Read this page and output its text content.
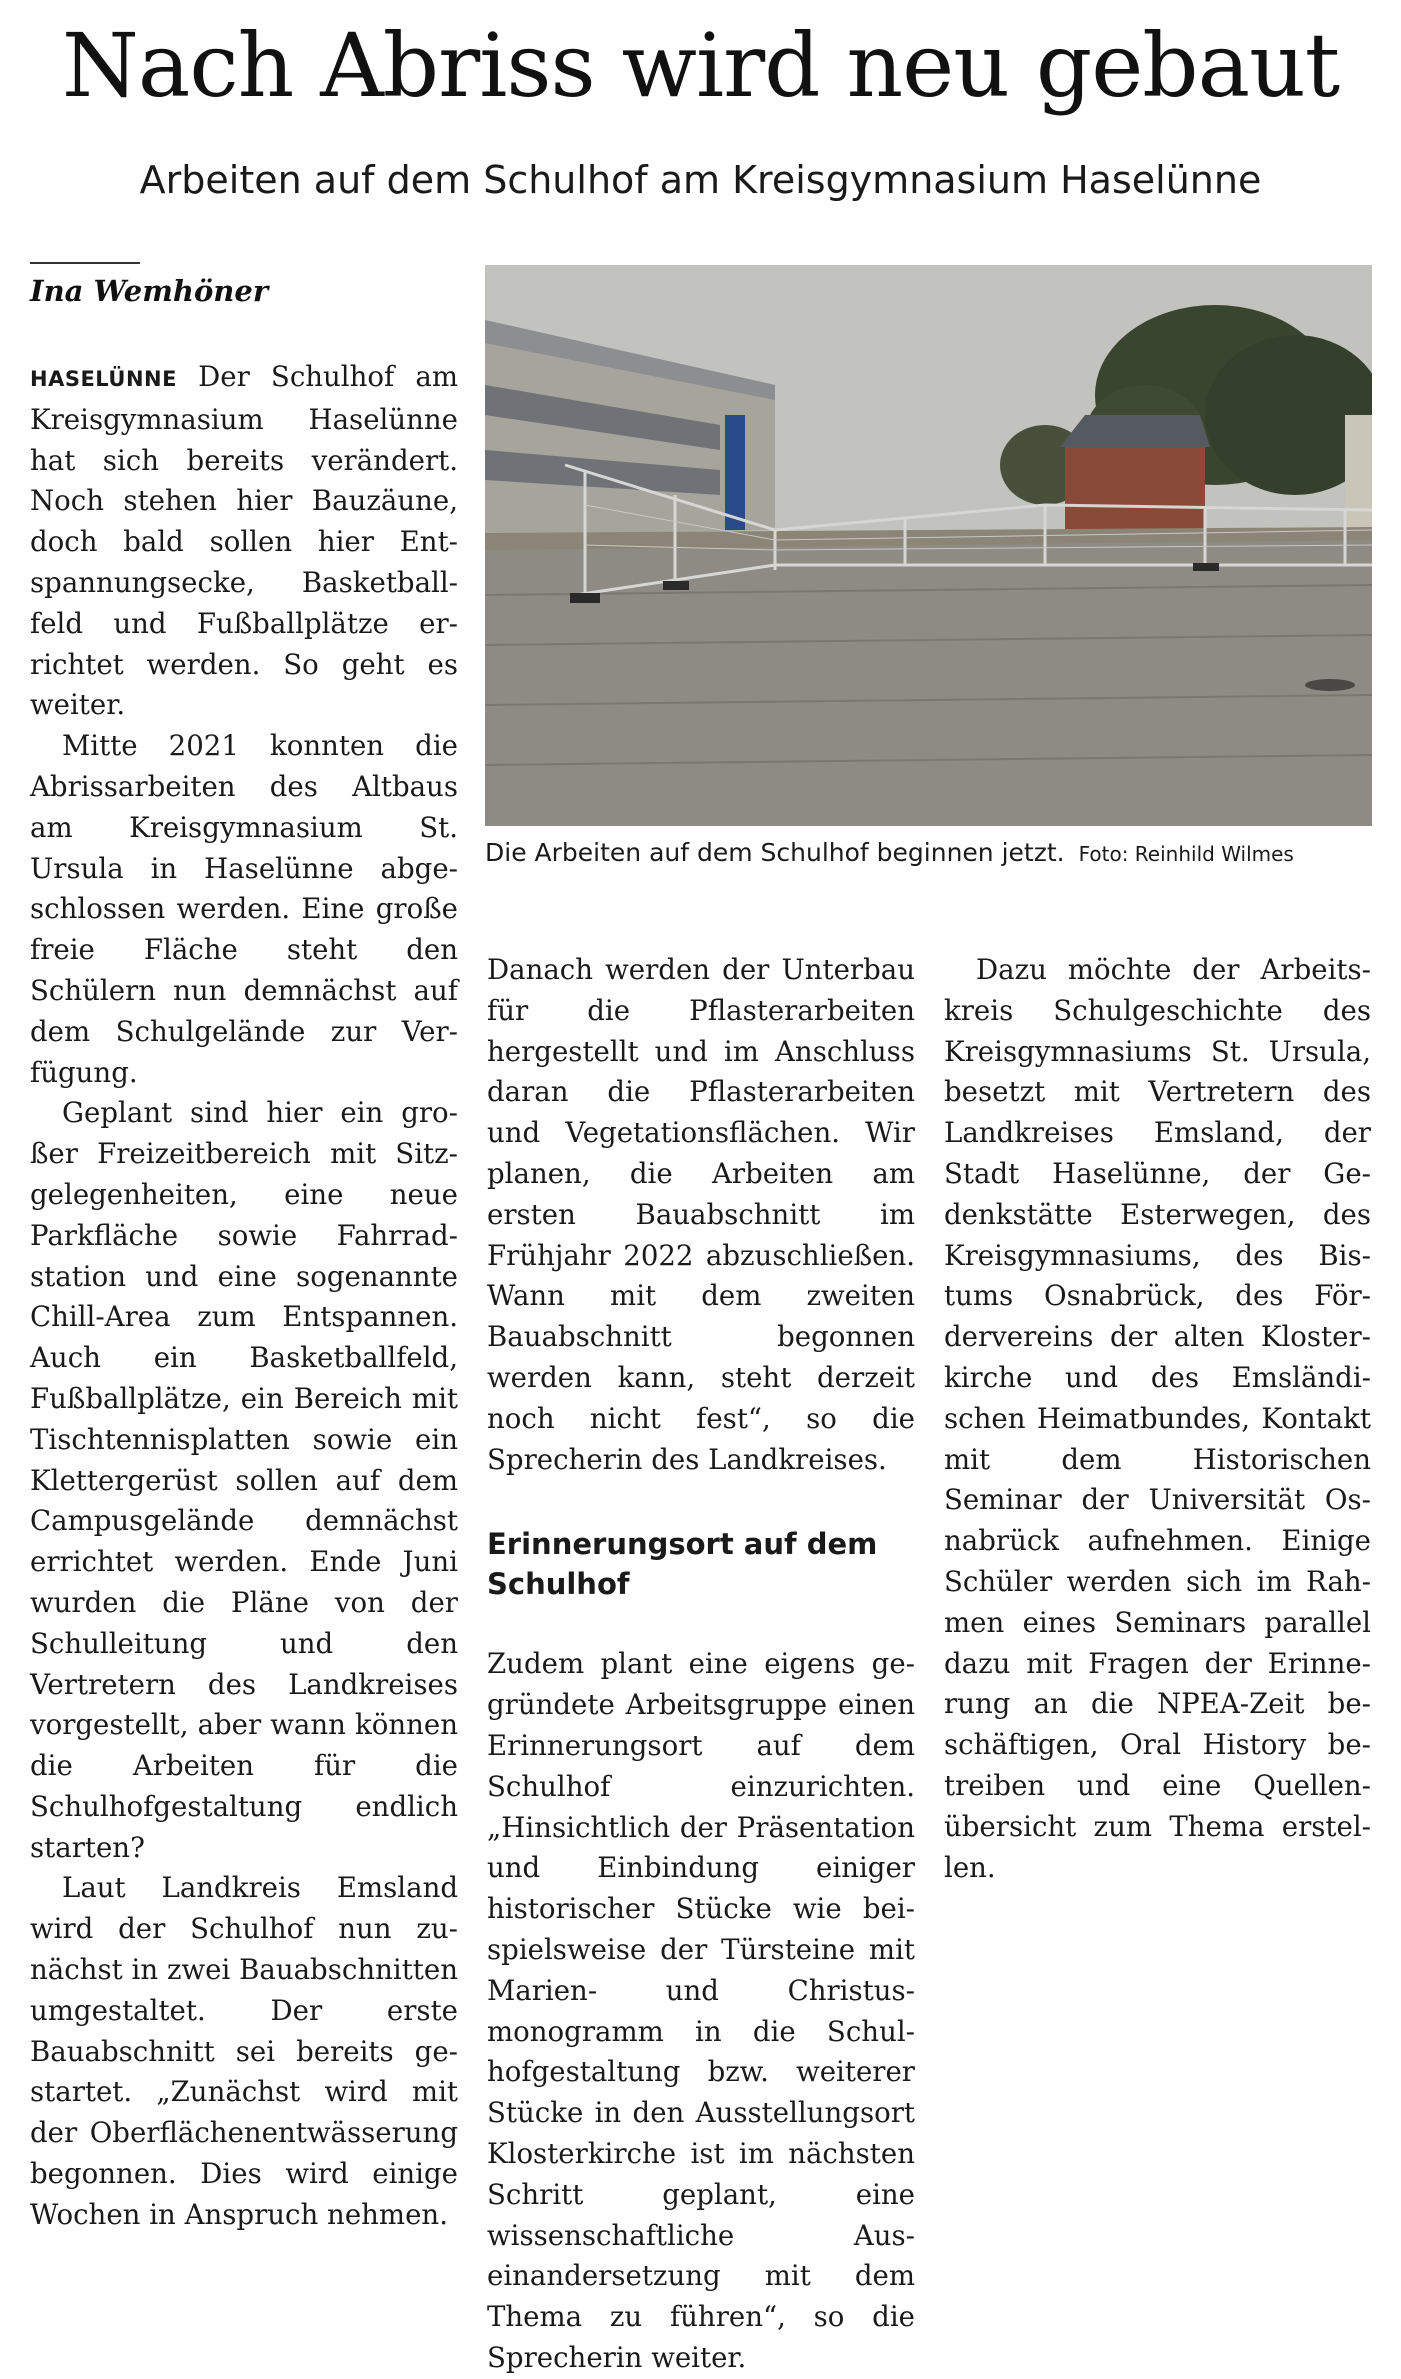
Nach Abriss wird neu gebaut
Arbeiten auf dem Schulhof am Kreisgymnasium Haselünne
Ina Wemhöner
Die Arbeiten auf dem Schulhof beginnen jetzt. Foto: Reinhild Wilmes

HASELÜNNE Der Schulhof am Kreisgymnasium Haselünne hat sich bereits verändert. Noch stehen hier Bauzäune, doch bald sollen hier Entspannungsecke, Basketballfeld und Fußballplätze errichtet werden. So geht es weiter.

Mitte 2021 konnten die Abrissarbeiten des Altbaus am Kreisgymnasium St. Ursula in Haselünne abgeschlossen werden. Eine große freie Fläche steht den Schülern nun demnächst auf dem Schulgelände zur Verfügung.

Geplant sind hier ein großer Freizeitbereich mit Sitzgelegenheiten, eine neue Parkfläche sowie Fahrradstation und eine sogenannte Chill-Area zum Entspannen. Auch ein Basketballfeld, Fußballplätze, ein Bereich mit Tischtennisplatten sowie ein Klettergerüst sollen auf dem Campusgelände demnächst errichtet werden. Ende Juni wurden die Pläne von der Schulleitung und den Vertretern des Landkreises vorgestellt, aber wann können die Arbeiten für die Schulhofgestaltung endlich starten?

Laut Landkreis Emsland wird der Schulhof nun zunächst in zwei Bauabschnitten umgestaltet. Der erste Bauabschnitt sei bereits gestartet. „Zunächst wird mit der Oberflächenentwässerung begonnen. Dies wird einige Wochen in Anspruch nehmen.

Danach werden der Unterbau für die Pflasterarbeiten hergestellt und im Anschluss daran die Pflasterarbeiten und Vegetationsflächen. Wir planen, die Arbeiten am ersten Bauabschnitt im Frühjahr 2022 abzuschließen. Wann mit dem zweiten Bauabschnitt begonnen werden kann, steht derzeit noch nicht fest“, so die Sprecherin des Landkreises.

Erinnerungsort auf dem Schulhof

Zudem plant eine eigens gegründete Arbeitsgruppe einen Erinnerungsort auf dem Schulhof einzurichten. „Hinsichtlich der Präsentation und Einbindung einiger historischer Stücke wie beispielsweise der Türsteine mit Marien- und Christusmonogramm in die Schulhofgestaltung bzw. weiterer Stücke in den Ausstellungsort Klosterkirche ist im nächsten Schritt geplant, eine wissenschaftliche Auseinandersetzung mit dem Thema zu führen“, so die Sprecherin weiter.

Dazu möchte der Arbeitskreis Schulgeschichte des Kreisgymnasiums St. Ursula, besetzt mit Vertretern des Landkreises Emsland, der Stadt Haselünne, der Gedenkstätte Esterwegen, des Kreisgymnasiums, des Bistums Osnabrück, des Fördervereins der alten Klosterkirche und des Emsländischen Heimatbundes, Kontakt mit dem Historischen Seminar der Universität Osnabrück aufnehmen. Einige Schüler werden sich im Rahmen eines Seminars parallel dazu mit Fragen der Erinnerung an die NPEA-Zeit beschäftigen, Oral History betreiben und eine Quellenübersicht zum Thema erstellen.
